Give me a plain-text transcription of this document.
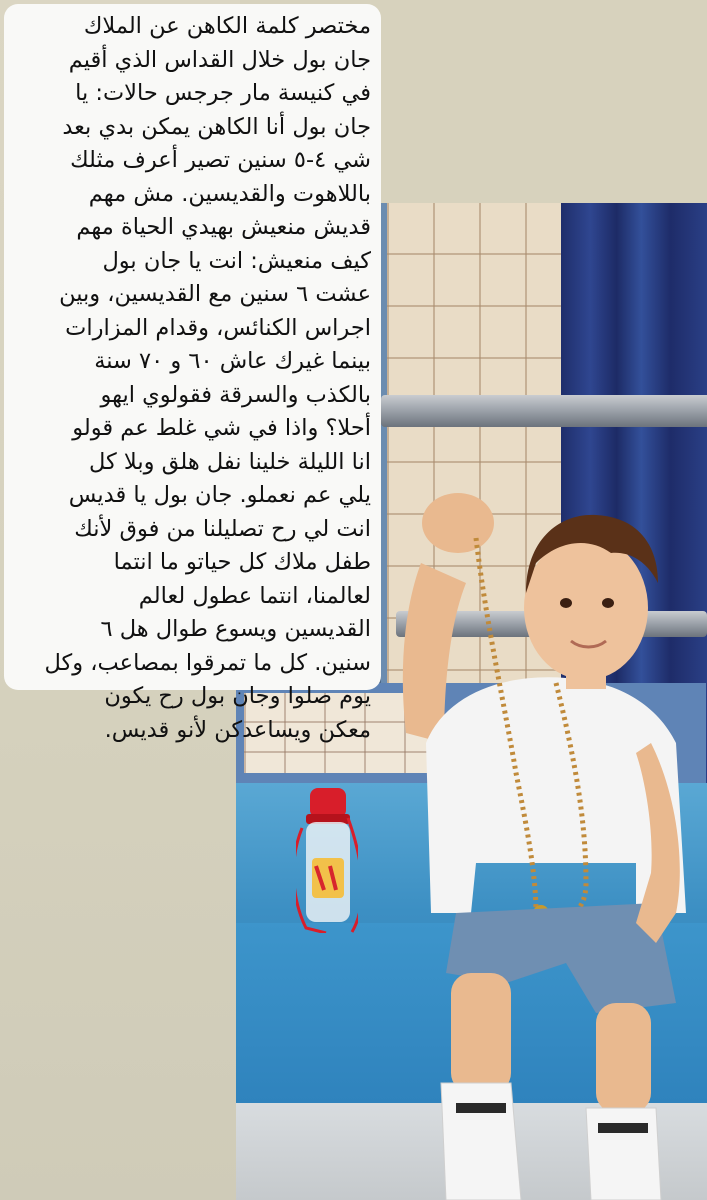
مختصر كلمة الكاهن عن الملاك
جان بول خلال القداس الذي أقيم
في كنيسة مار جرجس حالات: يا
جان بول أنا الكاهن يمكن بدي بعد
شي ٤-٥ سنين تصير أعرف مثلك
باللاهوت والقديسين. مش مهم
قديش منعيش بهيدي الحياة مهم
كيف منعيش: انت يا جان بول
عشت ٦ سنين مع القديسين، وبين
اجراس الكنائس، وقدام المزارات
بينما غيرك عاش ٦٠ و ٧٠ سنة
بالكذب والسرقة فقولوي ايهو
أحلا؟ واذا في شي غلط عم قولو
انا الليلة خلينا نفل هلق وبلا كل
يلي عم نعملو. جان بول يا قديس
انت لي رح تصليلنا من فوق لأنك
طفل ملاك كل حياتو ما انتما
لعالمنا، انتما عطول لعالم
القديسين ويسوع طوال هل ٦
سنين. كل ما تمرقوا بمصاعب، وكل
يوم صلوا وجان بول رح يكون
معكن ويساعدكن لأنو قديس.
